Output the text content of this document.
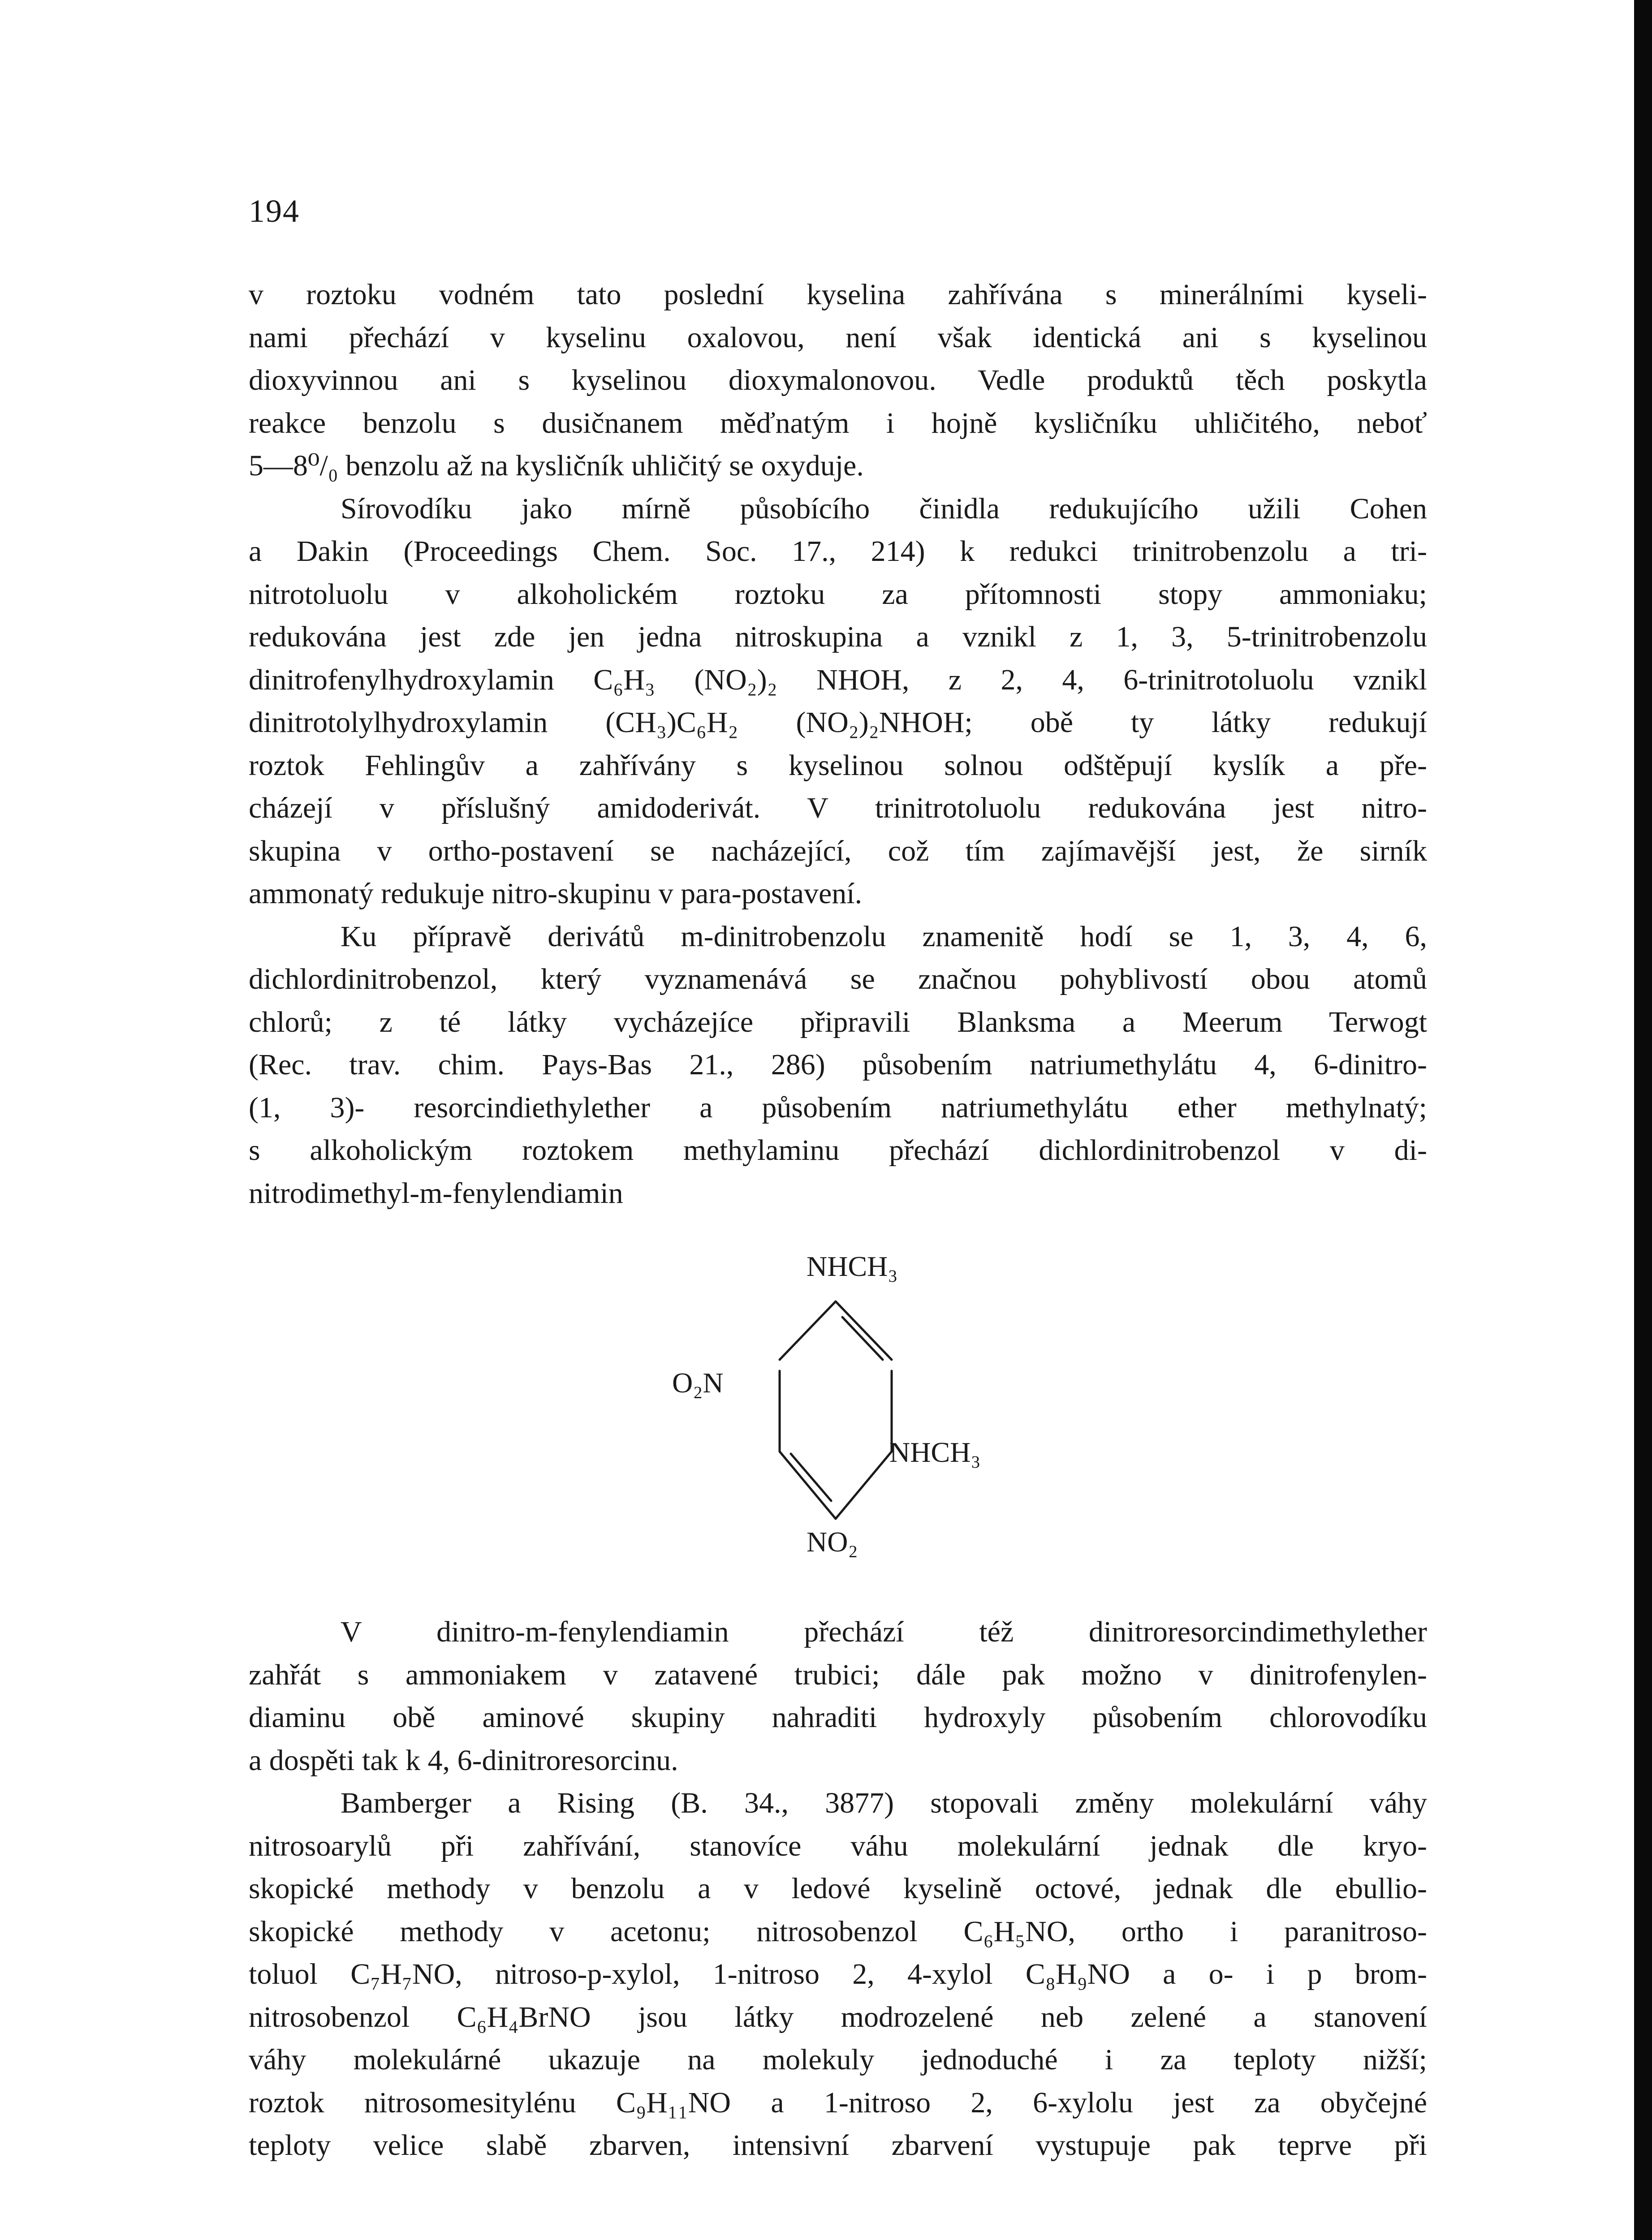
194
v roztoku vodném tato poslední kyselina zahřívána s minerálními kyseli-
nami přechází v kyselinu oxalovou, není však identická ani s kyselinou
dioxyvinnou ani s kyselinou dioxymalonovou. Vedle produktů těch poskytla
reakce benzolu s dusičnanem měďnatým i hojně kysličníku uhličitého, neboť
5—8⁰/₀ benzolu až na kysličník uhličitý se oxyduje.
Sírovodíku jako mírně působícího činidla redukujícího užili Cohen
a Dakin (Proceedings Chem. Soc. 17., 214) k redukci trinitrobenzolu a tri-
nitrotoluolu v alkoholickém roztoku za přítomnosti stopy ammoniaku;
redukována jest zde jen jedna nitroskupina a vznikl z 1, 3, 5-trinitrobenzolu
dinitrofenylhydroxylamin C₆H₃ (NO₂)₂ NHOH, z 2, 4, 6-trinitrotoluolu vznikl
dinitrotolylhydroxylamin (CH₃)C₆H₂ (NO₂)₂NHOH; obě ty látky redukují
roztok Fehlingův a zahřívány s kyselinou solnou odštěpují kyslík a pře-
cházejí v příslušný amidoderivát. V trinitrotoluolu redukována jest nitro-
skupina v ortho-postavení se nacházející, což tím zajímavější jest, že sirník
ammonatý redukuje nitro-skupinu v para-postavení.
Ku přípravě derivátů m-dinitrobenzolu znamenitě hodí se 1, 3, 4, 6,
dichlordinitrobenzol, který vyznamenává se značnou pohyblivostí obou atomů
chlorů; z té látky vycházejíce připravili Blanksma a Meerum Terwogt
(Rec. trav. chim. Pays-Bas 21., 286) působením natriumethylátu 4, 6-dinitro-
(1, 3)- resorcindiethylether a působením natriumethylátu ether methylnatý;
s alkoholickým roztokem methylaminu přechází dichlordinitrobenzol v di-
nitrodimethyl-m-fenylendiamin
NHCH₃
O₂N
NHCH₃
NO₂
V dinitro-m-fenylendiamin přechází též dinitroresorcindimethylether
zahřát s ammoniakem v zatavené trubici; dále pak možno v dinitrofenylen-
diaminu obě aminové skupiny nahraditi hydroxyly působením chlorovodíku
a dospěti tak k 4, 6-dinitroresorcinu.
Bamberger a Rising (B. 34., 3877) stopovali změny molekulární váhy
nitrosoarylů při zahřívání, stanovíce váhu molekulární jednak dle kryo-
skopické methody v benzolu a v ledové kyselině octové, jednak dle ebullio-
skopické methody v acetonu; nitrosobenzol C₆H₅NO, ortho i paranitroso-
toluol C₇H₇NO, nitroso-p-xylol, 1-nitroso 2, 4-xylol C₈H₉NO a o- i p brom-
nitrosobenzol C₆H₄BrNO jsou látky modrozelené neb zelené a stanovení
váhy molekulárné ukazuje na molekuly jednoduché i za teploty nižší;
roztok nitrosomesitylénu C₉H₁₁NO a 1-nitroso 2, 6-xylolu jest za obyčejné
teploty velice slabě zbarven, intensivní zbarvení vystupuje pak teprve při
